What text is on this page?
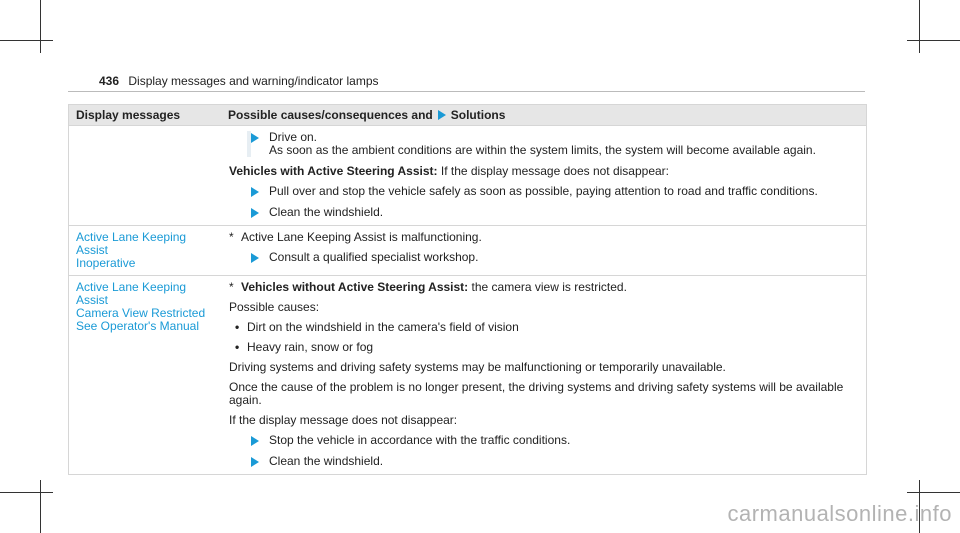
436 Display messages and warning/indicator lamps
Display messages	Possible causes/consequences and Solutions
Drive on.
As soon as the ambient conditions are within the system limits, the system will become available again.

Vehicles with Active Steering Assist: If the display message does not disappear:

Pull over and stop the vehicle safely as soon as possible, paying attention to road and traffic conditions.
Clean the windshield.
Active Lane Keeping Assist
Inoperative

* Active Lane Keeping Assist is malfunctioning.

Consult a qualified specialist workshop.
Active Lane Keeping Assist
Camera View Restricted
See Operator's Manual

* Vehicles without Active Steering Assist: the camera view is restricted.

Possible causes:

• Dirt on the windshield in the camera's field of vision
• Heavy rain, snow or fog

Driving systems and driving safety systems may be malfunctioning or temporarily unavailable.

Once the cause of the problem is no longer present, the driving systems and driving safety systems will be available again.

If the display message does not disappear:

Stop the vehicle in accordance with the traffic conditions.
Clean the windshield.
carmanualsonline.info
